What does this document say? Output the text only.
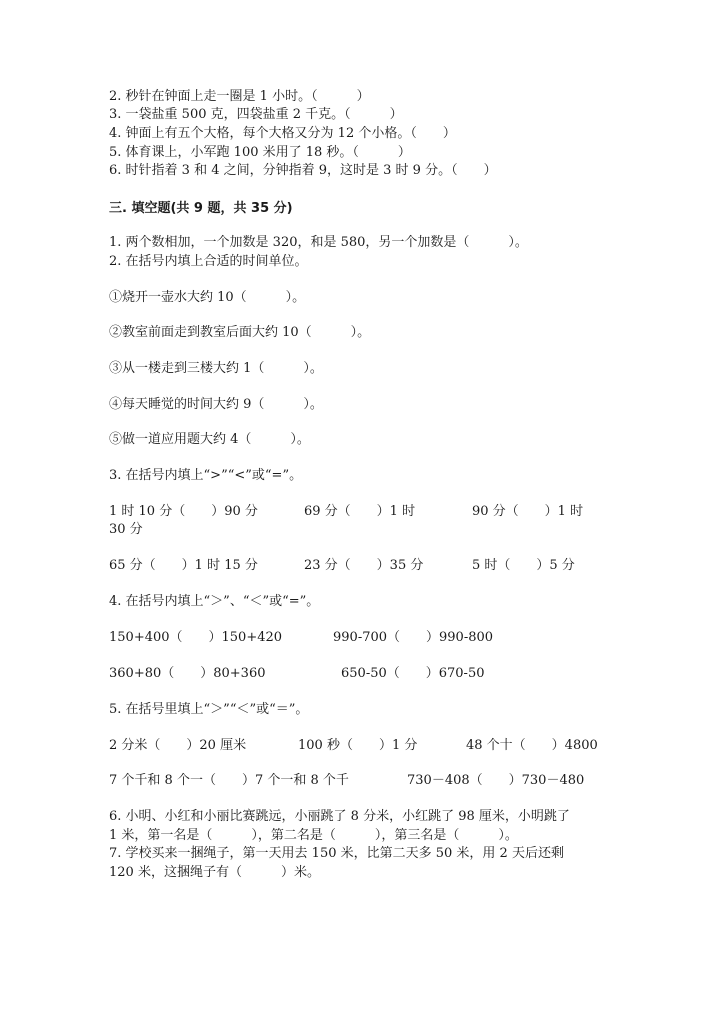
2. 秒针在钟面上走一圈是 1 小时。（　　　）
3. 一袋盐重 500 克，四袋盐重 2 千克。（　　　）
4. 钟面上有五个大格，每个大格又分为 12 个小格。（　　）
5. 体育课上，小军跑 100 米用了 18 秒。（　　　）
6. 时针指着 3 和 4 之间，分钟指着 9，这时是 3 时 9 分。（　　）
三. 填空题(共 9 题，共 35 分)
1. 两个数相加，一个加数是 320，和是 580，另一个加数是（　　　）。
2. 在括号内填上合适的时间单位。
①烧开一壶水大约 10（　　　）。
②教室前面走到教室后面大约 10（　　　）。
③从一楼走到三楼大约 1（　　　）。
④每天睡觉的时间大约 9（　　　）。
⑤做一道应用题大约 4（　　　）。
3. 在括号内填上“>”“<”或“=”。
1 时 10 分（　　）90 分	69 分（　　）1 时	90 分（　　）1 时
30 分
65 分（　　）1 时 15 分	23 分（　　）35 分	5 时（　　）5 分
4. 在括号内填上“＞”、“＜”或“=”。
150+400（　　）150+420	990-700（　　）990-800
360+80（　　）80+360	650-50（　　）670-50
5. 在括号里填上“＞”“＜”或“＝”。
2 分米（　　）20 厘米	100 秒（　　）1 分	48 个十（　　）4800
7 个千和 8 个一（　　）7 个一和 8 个千	730－408（　　）730－480
6. 小明、小红和小丽比赛跳远，小丽跳了 8 分米，小红跳了 98 厘米，小明跳了
1 米，第一名是（　　　），第二名是（　　　），第三名是（　　　）。
7. 学校买来一捆绳子，第一天用去 150 米，比第二天多 50 米，用 2 天后还剩
120 米，这捆绳子有（　　　）米。
